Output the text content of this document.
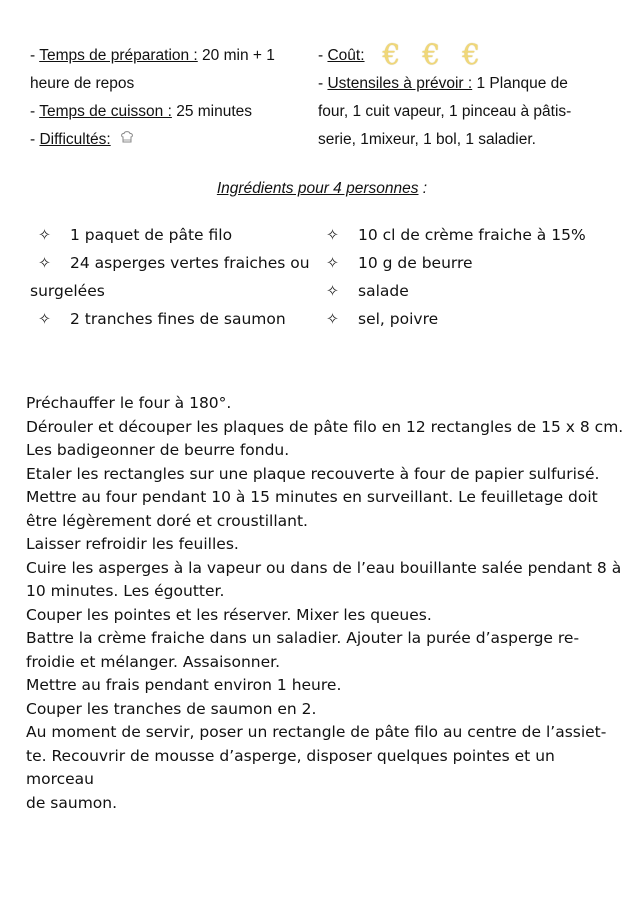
- Temps de préparation : 20 min + 1
heure de repos
- Temps de cuisson : 25 minutes
- Difficultés:
- Coût: € € €
- Ustensiles à prévoir : 1 Planque de
four, 1 cuit vapeur, 1 pinceau à pâtis-
serie, 1mixeur, 1 bol, 1 saladier.
Ingrédients pour 4 personnes :
✧ 1 paquet de pâte filo
✧ 24 asperges vertes fraiches ou
surgelées
✧ 2 tranches fines de saumon
✧ 10 cl de crème fraiche à 15%
✧ 10 g de beurre
✧ salade
✧ sel, poivre
Préchauffer le four à 180°.
Dérouler et découper les plaques de pâte filo en 12 rectangles de 15 x 8 cm.
Les badigeonner de beurre fondu.
Etaler les rectangles sur une plaque recouverte à four de papier sulfurisé.
Mettre au four pendant 10 à 15 minutes en surveillant. Le feuilletage doit
être légèrement doré et croustillant.
Laisser refroidir les feuilles.
Cuire les asperges à la vapeur ou dans de l’eau bouillante salée pendant 8 à
10 minutes. Les égoutter.
Couper les pointes et les réserver. Mixer les queues.
Battre la crème fraiche dans un saladier. Ajouter la purée d’asperge re-
froidie et mélanger. Assaisonner.
Mettre au frais pendant environ 1 heure.
Couper les tranches de saumon en 2.
Au moment de servir, poser un rectangle de pâte filo au centre de l’assiet-
te. Recouvrir de mousse d’asperge, disposer quelques pointes et un morceau
de saumon.
